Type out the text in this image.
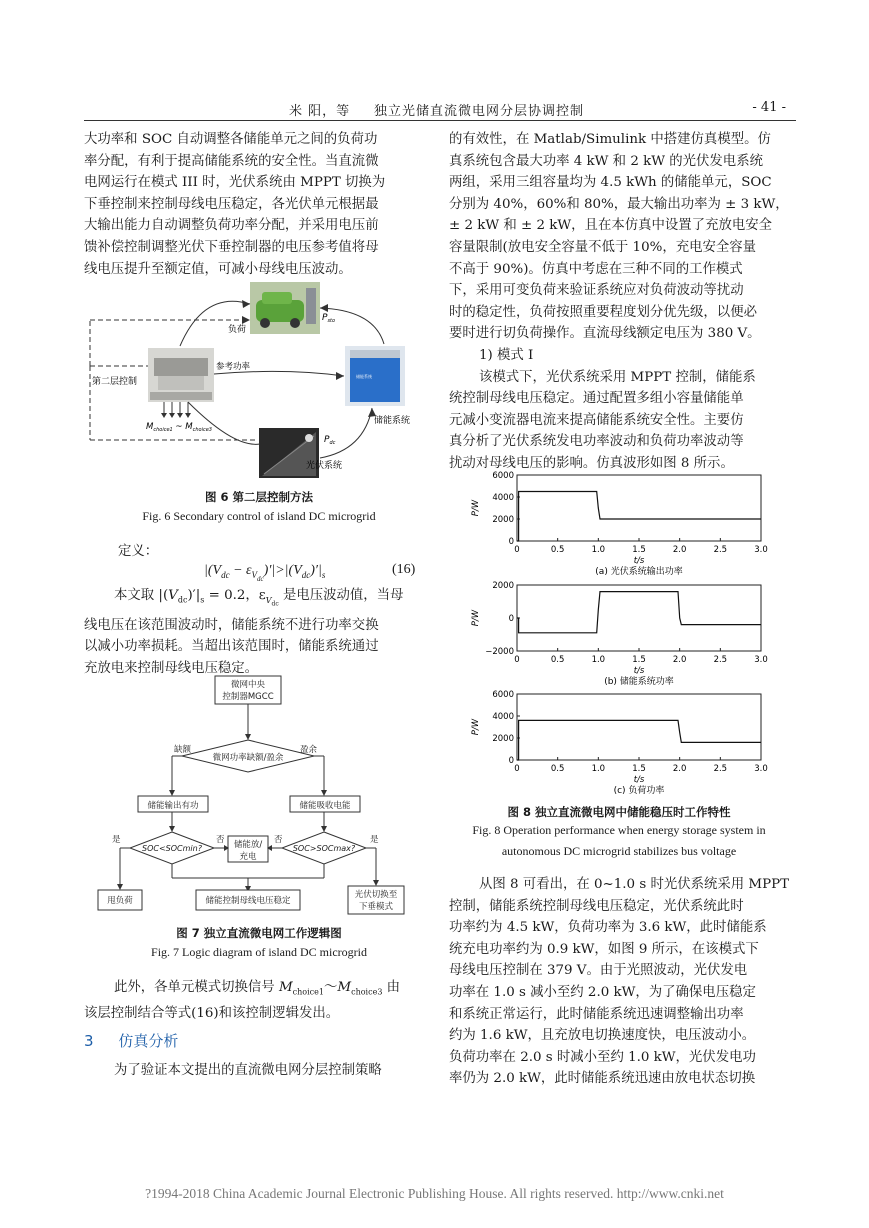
米 阳，等 独立光储直流微电网分层协调控制	- 41 -
大功率和 SOC 自动调整各储能单元之间的负荷功
率分配，有利于提高储能系统的安全性。当直流微
电网运行在模式 III 时，光伏系统由 MPPT 切换为
下垂控制来控制母线电压稳定，各光伏单元根据最
大输出能力自动调整负荷功率分配，并采用电压前
馈补偿控制调整光伏下垂控制器的电压参考值将母
线电压提升至额定值，可减小母线电压波动。
负荷
储能系统
储能系统
第二层控制
光伏系统
参考功率
$P_{sto}$
$P_{dc}$
$M_{choice1}$ ~ $M_{choice3}$
图 6 第二层控制方法
Fig. 6 Secondary control of island DC microgrid
定义：
$|(V_{dc} - \varepsilon_{V_{dc}})'|>|(V_{dc})'|_s$	(16)
本文取 $|(V_{dc})'|_s = 0.2$，$\varepsilon_{V_{dc}}$ 是电压波动值，当母
线电压在该范围波动时，储能系统不进行功率交换
以减小功率损耗。当超出该范围时，储能系统通过
充放电来控制母线电压稳定。
微网中央
控制器MGCC
微网功率缺额/盈余
缺额	盈余
储能输出有功	储能吸收电能
SOC<SOCmin?	SOC>SOCmax?
储能放/
充电
否	否
是	是
甩负荷	储能控制母线电压稳定
光伏切换至
下垂模式
图 7 独立直流微电网工作逻辑图
Fig. 7 Logic diagram of island DC microgrid
此外，各单元模式切换信号 $M_{choice1}\sim M_{choice3}$ 由
该层控制结合等式(16)和该控制逻辑发出。
3 仿真分析
为了验证本文提出的直流微电网分层控制策略
的有效性，在 Matlab/Simulink 中搭建仿真模型。仿
真系统包含最大功率 4 kW 和 2 kW 的光伏发电系统
两组，采用三组容量均为 4.5 kWh 的储能单元，SOC
分别为 40%，60%和 80%，最大输出功率为 ± 3 kW，
± 2 kW 和 ± 2 kW，且在本仿真中设置了充放电安全
容量限制(放电安全容量不低于 10%，充电安全容量
不高于 90%)。仿真中考虑在三种不同的工作模式
下，采用可变负荷来验证系统应对负荷波动等扰动
时的稳定性，负荷按照重要程度划分优先级，以便必
要时进行切负荷操作。直流母线额定电压为 380 V。
1) 模式 I
该模式下，光伏系统采用 MPPT 控制，储能系
统控制母线电压稳定。通过配置多组小容量储能单
元减小变流器电流来提高储能系统安全性。主要仿
真分析了光伏系统发电功率波动和负荷功率波动等
扰动对母线电压的影响。仿真波形如图 8 所示。
0
2000
4000
6000
0	0.5	1.0	1.5	2.0	2.5	3.0
P/W
t/s
(a) 光伏系统输出功率
−2000
0
2000
0	0.5	1.0	1.5	2.0	2.5	3.0
P/W
t/s
(b) 储能系统功率
0
2000
4000
6000
0	0.5	1.0	1.5	2.0	2.5	3.0
P/W
t/s
(c) 负荷功率
图 8 独立直流微电网中储能稳压时工作特性
Fig. 8 Operation performance when energy storage system in
autonomous DC microgrid stabilizes bus voltage
从图 8 可看出，在 0~1.0 s 时光伏系统采用 MPPT
控制，储能系统控制母线电压稳定，光伏系统此时
功率约为 4.5 kW，负荷功率为 3.6 kW，此时储能系
统充电功率约为 0.9 kW，如图 9 所示，在该模式下
母线电压控制在 379 V。由于光照波动，光伏发电
功率在 1.0 s 减小至约 2.0 kW，为了确保电压稳定
和系统正常运行，此时储能系统迅速调整输出功率
约为 1.6 kW，且充放电切换速度快，电压波动小。
负荷功率在 2.0 s 时减小至约 1.0 kW，光伏发电功
率仍为 2.0 kW，此时储能系统迅速由放电状态切换
?1994-2018 China Academic Journal Electronic Publishing House. All rights reserved. http://www.cnki.net
